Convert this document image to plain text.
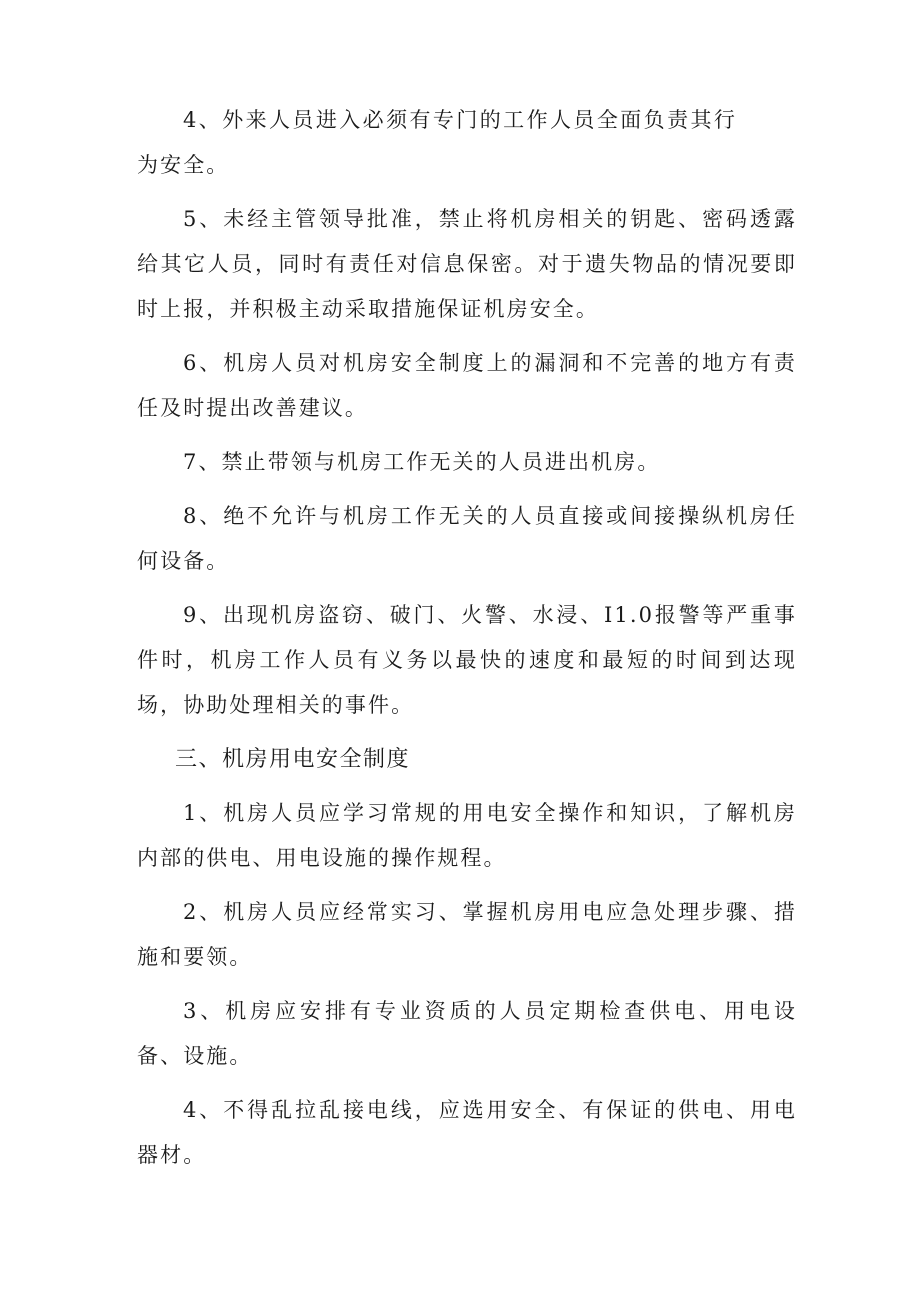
4、外来人员进入必须有专门的工作人员全面负责其行为安全。

5、未经主管领导批准，禁止将机房相关的钥匙、密码透露给其它人员，同时有责任对信息保密。对于遗失物品的情况要即时上报，并积极主动采取措施保证机房安全。

6、机房人员对机房安全制度上的漏洞和不完善的地方有责任及时提出改善建议。

7、禁止带领与机房工作无关的人员进出机房。

8、绝不允许与机房工作无关的人员直接或间接操纵机房任何设备。

9、出现机房盗窃、破门、火警、水浸、I1.0报警等严重事件时，机房工作人员有义务以最快的速度和最短的时间到达现场，协助处理相关的事件。

三、机房用电安全制度

1、机房人员应学习常规的用电安全操作和知识，了解机房内部的供电、用电设施的操作规程。

2、机房人员应经常实习、掌握机房用电应急处理步骤、措施和要领。

3、机房应安排有专业资质的人员定期检查供电、用电设备、设施。

4、不得乱拉乱接电线，应选用安全、有保证的供电、用电器材。
